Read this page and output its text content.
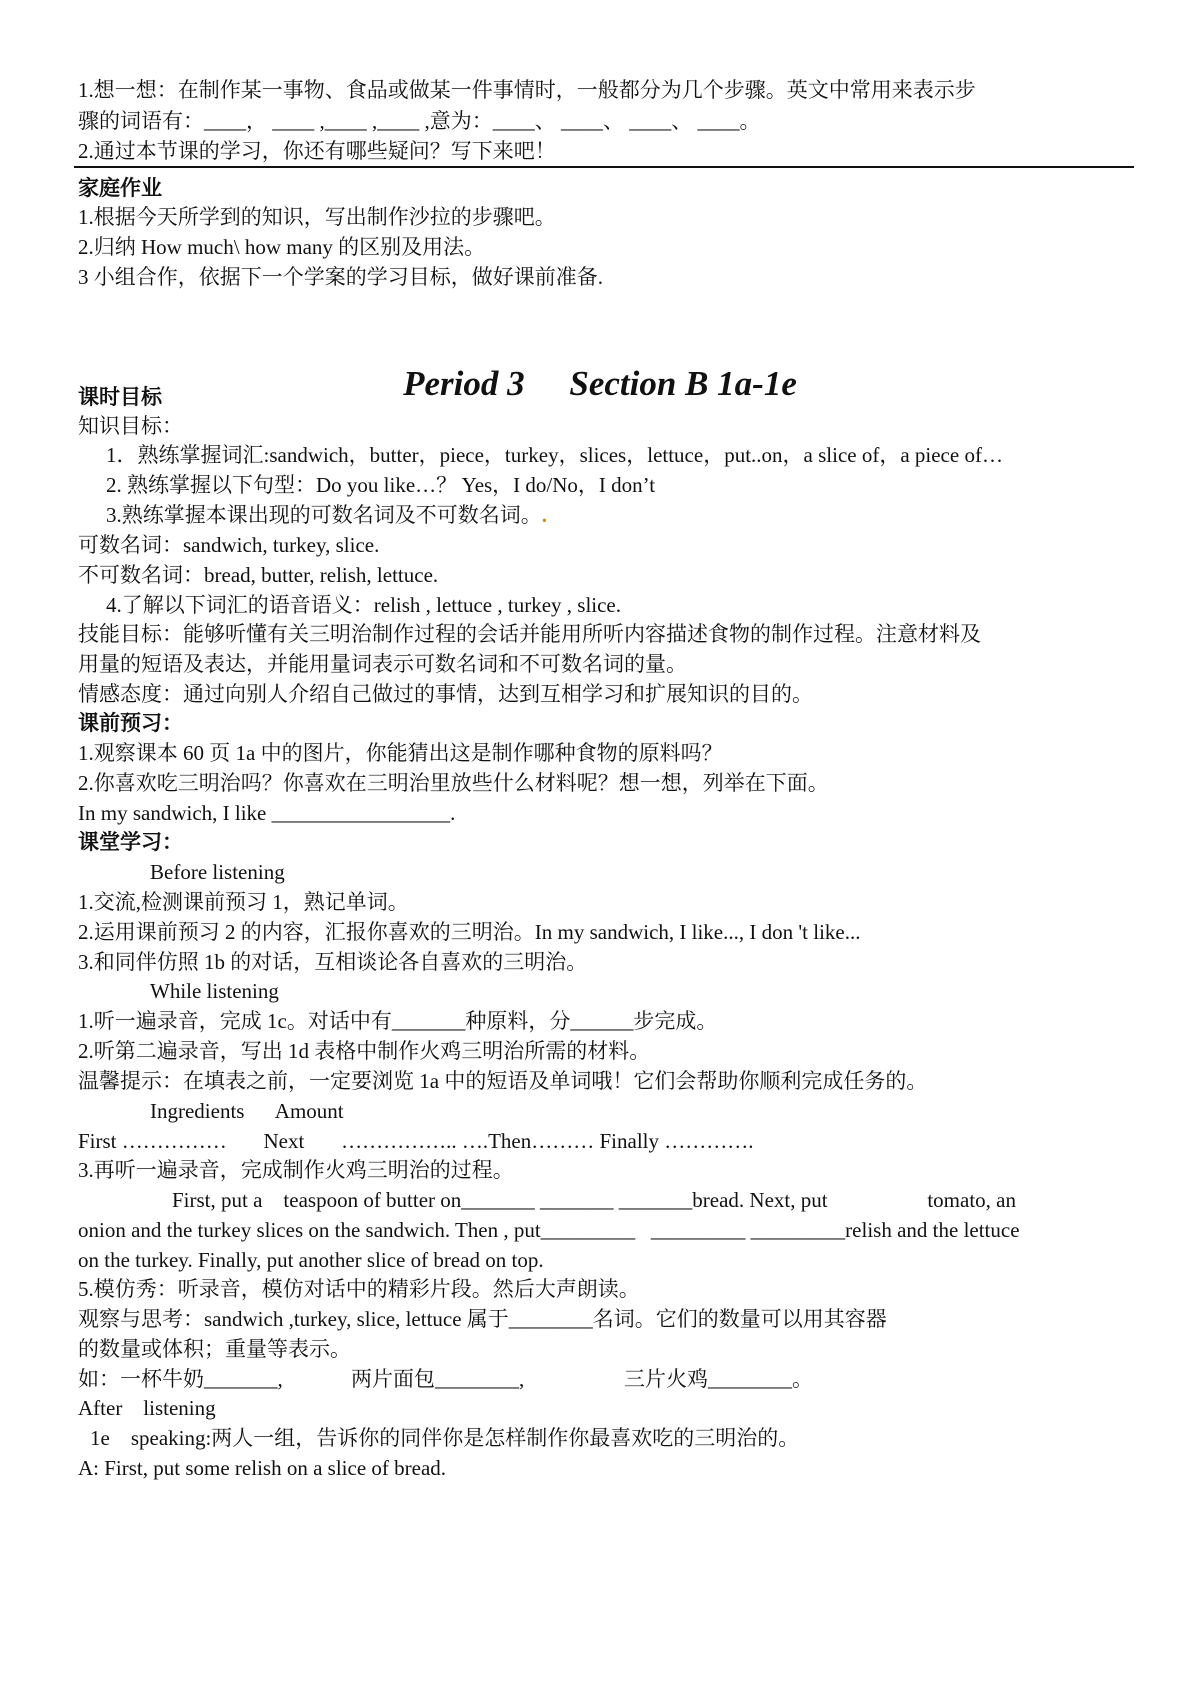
1.想一想：在制作某一事物、食品或做某一件事情时，一般都分为几个步骤。英文中常用来表示步
骤的词语有：____， ____ ,____ ,____ ,意为：____、 ____、 ____、 ____。
2.通过本节课的学习，你还有哪些疑问？写下来吧！
家庭作业
1.根据今天所学到的知识，写出制作沙拉的步骤吧。
2.归纳 How much\ how many 的区别及用法。
3 小组合作，依据下一个学案的学习目标，做好课前准备.
Period 3 Section B 1a-1e
课时目标
知识目标：
1．熟练掌握词汇:sandwich，butter，piece，turkey，slices，lettuce，put..on，a slice of，a piece of…
2. 熟练掌握以下句型：Do you like…？ Yes，I do/No，I don’t
3.熟练掌握本课出现的可数名词及不可数名词。.
可数名词：sandwich, turkey, slice.
不可数名词：bread, butter, relish, lettuce.
4.了解以下词汇的语音语义：relish , lettuce , turkey , slice.
技能目标：能够听懂有关三明治制作过程的会话并能用所听内容描述食物的制作过程。注意材料及
用量的短语及表达，并能用量词表示可数名词和不可数名词的量。
情感态度：通过向别人介绍自己做过的事情，达到互相学习和扩展知识的目的。
课前预习：
1.观察课本 60 页 1a 中的图片，你能猜出这是制作哪种食物的原料吗？
2.你喜欢吃三明治吗？你喜欢在三明治里放些什么材料呢？想一想，列举在下面。
In my sandwich, I like _________________.
课堂学习：
Before listening
1.交流,检测课前预习 1，熟记单词。
2.运用课前预习 2 的内容，汇报你喜欢的三明治。In my sandwich, I like..., I don 't like...
3.和同伴仿照 1b 的对话，互相谈论各自喜欢的三明治。
While listening
1.听一遍录音，完成 1c。对话中有_______种原料，分______步完成。
2.听第二遍录音，写出 1d 表格中制作火鸡三明治所需的材料。
温馨提示：在填表之前，一定要浏览 1a 中的短语及单词哦！它们会帮助你顺利完成任务的。
Ingredients      Amount
First ……………       Next       …………….. ….Then……… Finally ………….
3.再听一遍录音，完成制作火鸡三明治的过程。
First, put a    teaspoon of butter on_______ _______ _______bread. Next, put                   tomato, an
onion and the turkey slices on the sandwich. Then , put_________   _________ _________relish and the lettuce
on the turkey. Finally, put another slice of bread on top.
5.模仿秀：听录音，模仿对话中的精彩片段。然后大声朗读。
观察与思考：sandwich ,turkey, slice, lettuce 属于________名词。它们的数量可以用其容器
的数量或体积；重量等表示。
如：一杯牛奶_______,             两片面包________,                   三片火鸡________。
After    listening
1e    speaking:两人一组，告诉你的同伴你是怎样制作你最喜欢吃的三明治的。
A: First, put some relish on a slice of bread.
